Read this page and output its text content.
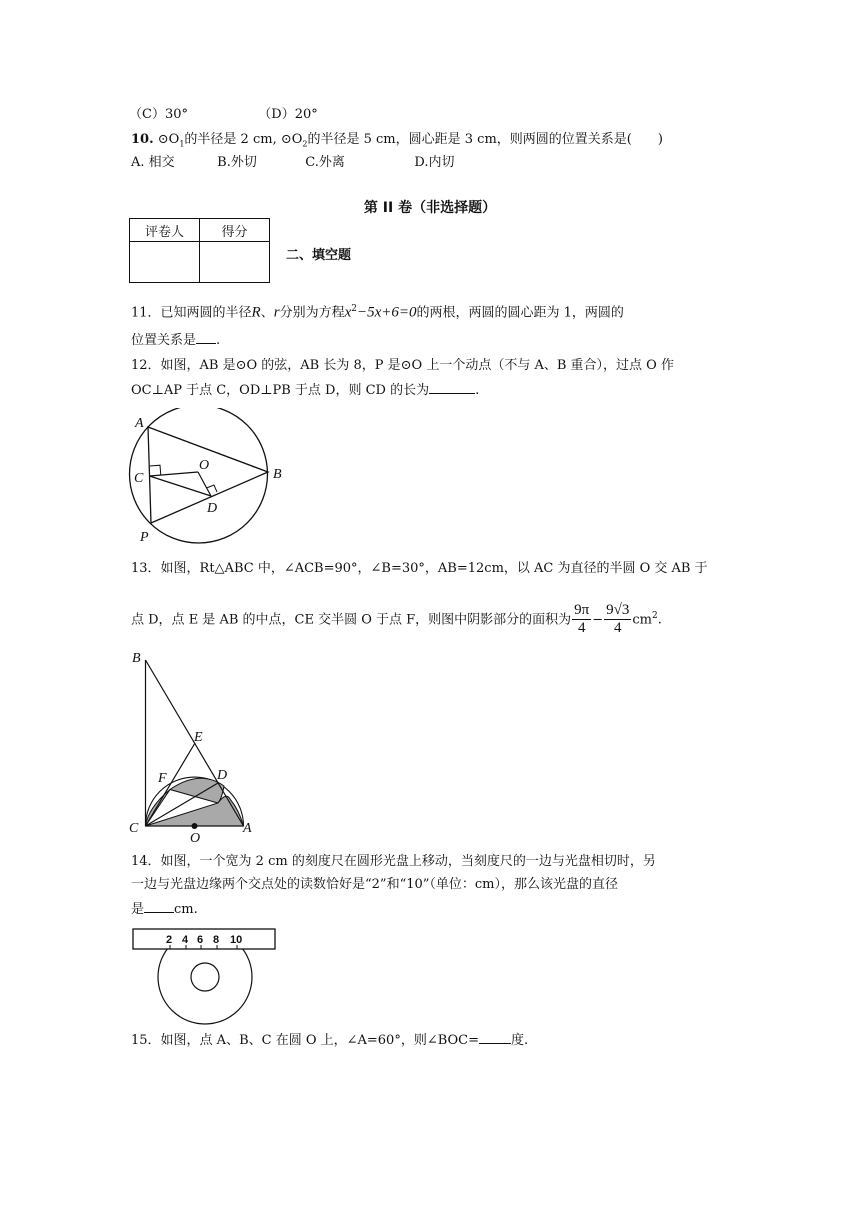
（C）30°	（D）20°
10. $⊙O_1$的半径是 2 cm, $⊙O_2$的半径是 5 cm，圆心距是 3 cm，则两圆的位置关系是(　　)
A. 相交	B.外切	C.外离	D.内切
第 II 卷（非选择题）
评卷人	得分

二、填空题
11．已知两圆的半径R、r分别为方程$x^2-5x+6=0$的两根，两圆的圆心距为 1，两圆的
位置关系是 .
12．如图，AB 是⊙O 的弦，AB 长为 8，P 是⊙O 上一个动点（不与 A、B 重合），过点 O 作
OC⊥AP 于点 C，OD⊥PB 于点 D，则 CD 的长为	.
A
B
C
O
D
P
13．如图，Rt△ABC 中，∠ACB=90°，∠B=30°，AB=12cm，以 AC 为直径的半圆 O 交 AB 于
点 D，点 E 是 AB 的中点，CE 交半圆 O 于点 F，则图中阴影部分的面积为 $\frac{9\pi}{4} - \frac{9√3}{4} cm^2$.
B
E
F	D
C
O
A
14．如图，一个宽为 2 cm 的刻度尺在圆形光盘上移动，当刻度尺的一边与光盘相切时，另
一边与光盘边缘两个交点处的读数恰好是“2”和“10”（单位：cm），那么该光盘的直径
是 cm.
2 4 6 8 10
15．如图，点 A、B、C 在圆 O 上，∠A=60°，则∠BOC= 度.
